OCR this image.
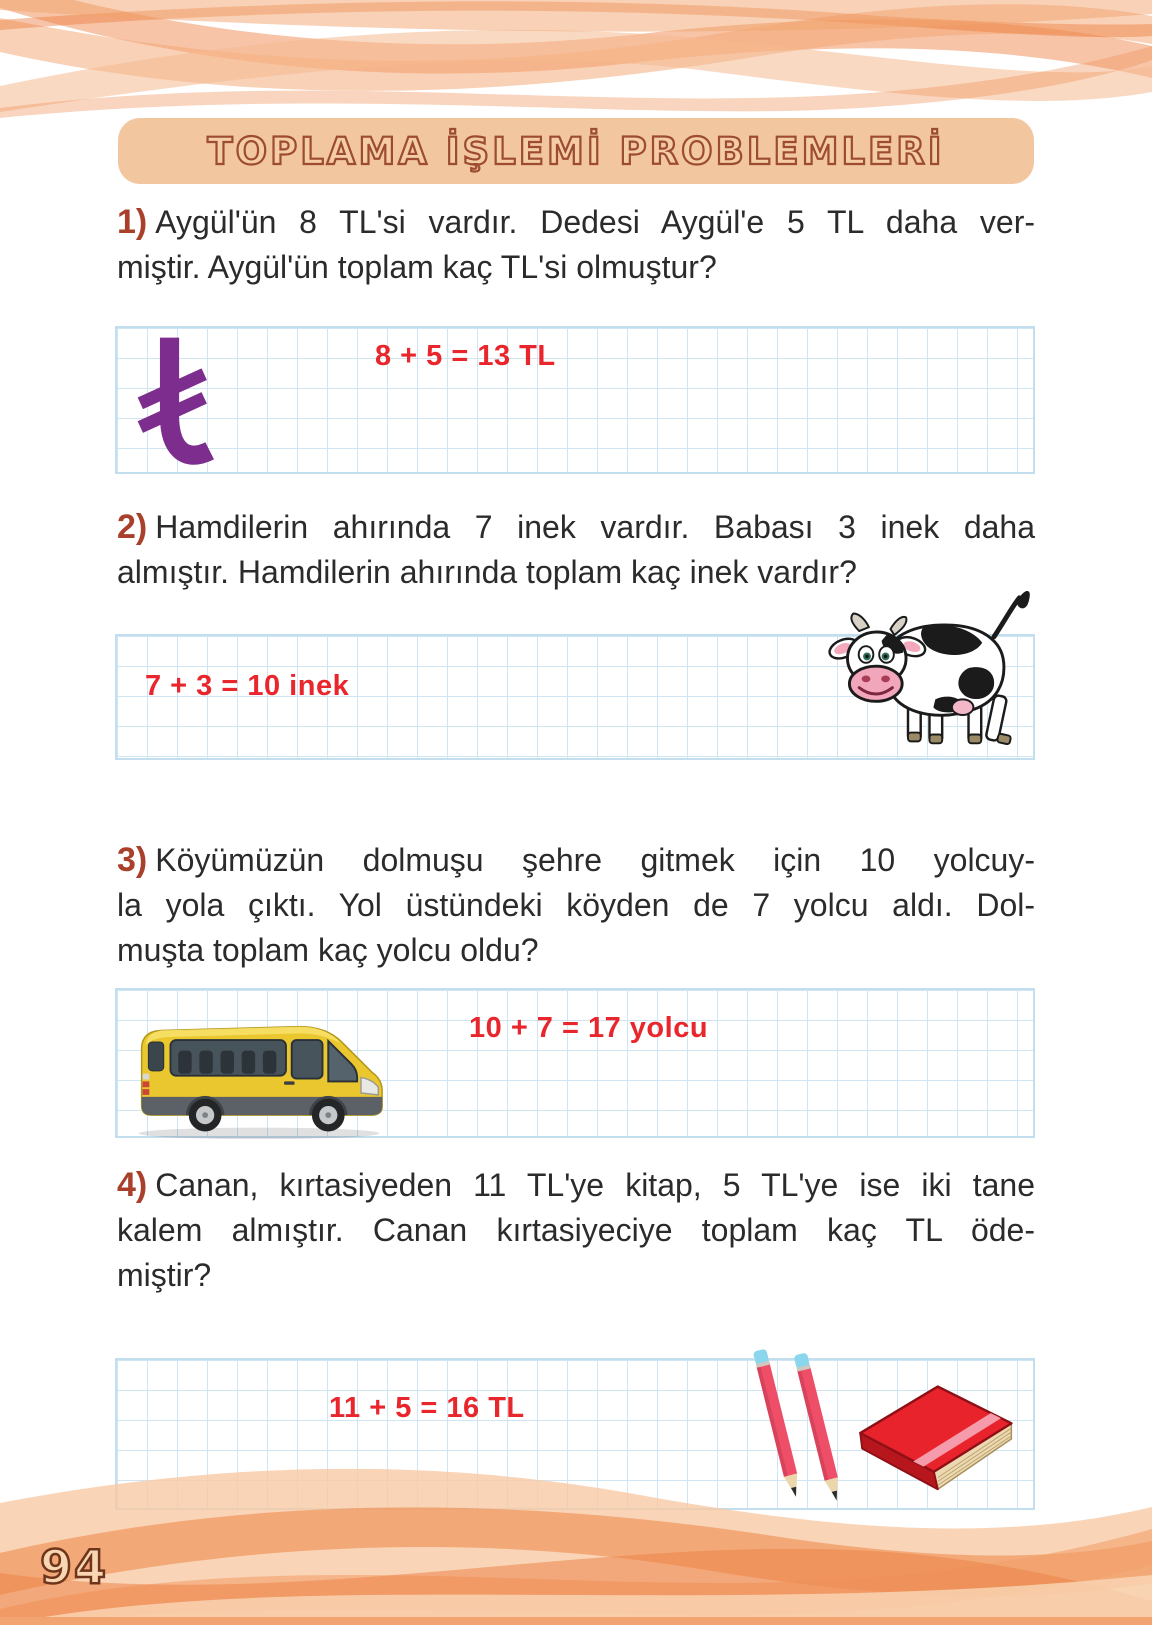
TOPLAMA İŞLEMİ PROBLEMLERİ
1) Aygül'ün 8 TL'si vardır. Dedesi Aygül'e 5 TL daha ver-
miştir. Aygül'ün toplam kaç TL'si olmuştur?
8 + 5 = 13 TL
2) Hamdilerin ahırında 7 inek vardır. Babası 3 inek daha
almıştır. Hamdilerin ahırında toplam kaç inek vardır?
7 + 3 = 10 inek
3) Köyümüzün dolmuşu şehre gitmek için 10 yolcuy-
la yola çıktı. Yol üstündeki köyden de 7 yolcu aldı. Dol-
muşta toplam kaç yolcu oldu?
10 + 7 = 17 yolcu
4) Canan, kırtasiyeden 11 TL'ye kitap, 5 TL'ye ise iki tane
kalem almıştır. Canan kırtasiyeciye toplam kaç TL öde-
miştir?
11 + 5 = 16 TL
94
